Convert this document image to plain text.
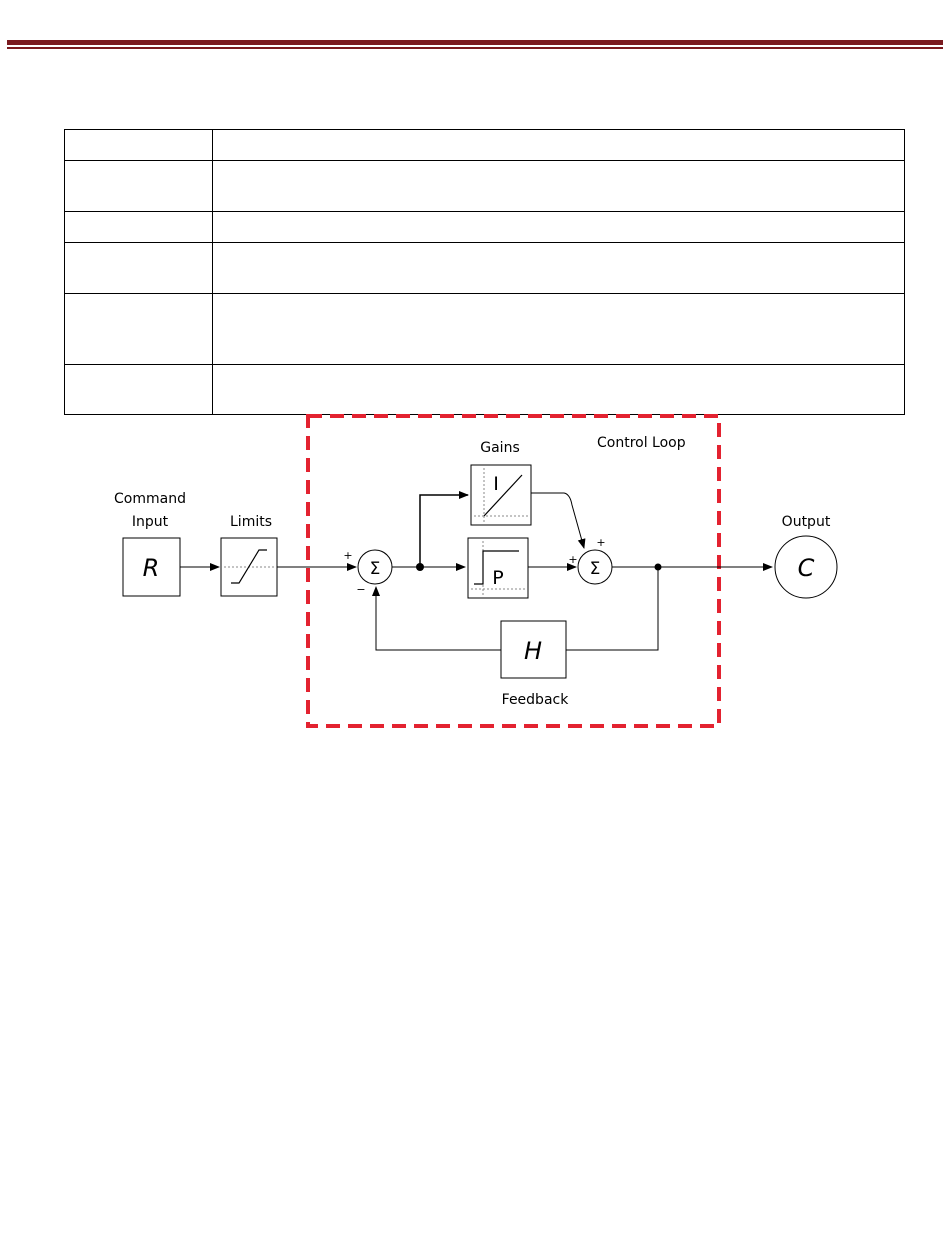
Control Loop
Command
Input
R
Limits
Σ
+
−
Gains
I
P	Σ
+
+
H
Feedback
Output
C
